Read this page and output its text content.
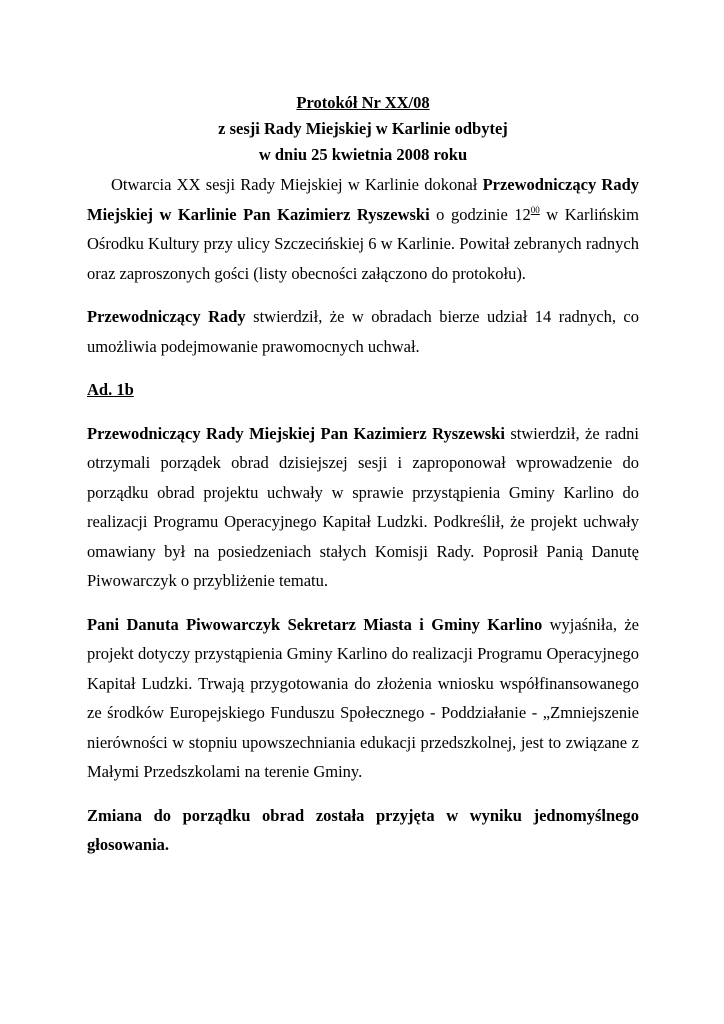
Protokół Nr XX/08
z sesji Rady Miejskiej w Karlinie odbytej
w dniu 25 kwietnia 2008 roku

Otwarcia XX sesji Rady Miejskiej w Karlinie dokonał Przewodniczący Rady Miejskiej w Karlinie Pan Kazimierz Ryszewski o godzinie $12^{00}$ w Karlińskim Ośrodku Kultury przy ulicy Szczecińskiej 6 w Karlinie. Powitał zebranych radnych oraz zaproszonych gości (listy obecności załączono do protokołu).

Przewodniczący Rady stwierdził, że w obradach bierze udział 14 radnych, co umożliwia podejmowanie prawomocnych uchwał.

Ad. 1b

Przewodniczący Rady Miejskiej Pan Kazimierz Ryszewski stwierdził, że radni otrzymali porządek obrad dzisiejszej sesji i zaproponował wprowadzenie do porządku obrad projektu uchwały w sprawie przystąpienia Gminy Karlino do realizacji Programu Operacyjnego Kapitał Ludzki. Podkreślił, że projekt uchwały omawiany był na posiedzeniach stałych Komisji Rady. Poprosił Panią Danutę Piwowarczyk o przybliżenie tematu.

Pani Danuta Piwowarczyk Sekretarz Miasta i Gminy Karlino wyjaśniła, że projekt dotyczy przystąpienia Gminy Karlino do realizacji Programu Operacyjnego Kapitał Ludzki. Trwają przygotowania do złożenia wniosku współfinansowanego ze środków Europejskiego Funduszu Społecznego - Poddziałanie - „Zmniejszenie nierówności w stopniu upowszechniania edukacji przedszkolnej, jest to związane z Małymi Przedszkolami na terenie Gminy.

Zmiana do porządku obrad została przyjęta w wyniku jednomyślnego głosowania.
